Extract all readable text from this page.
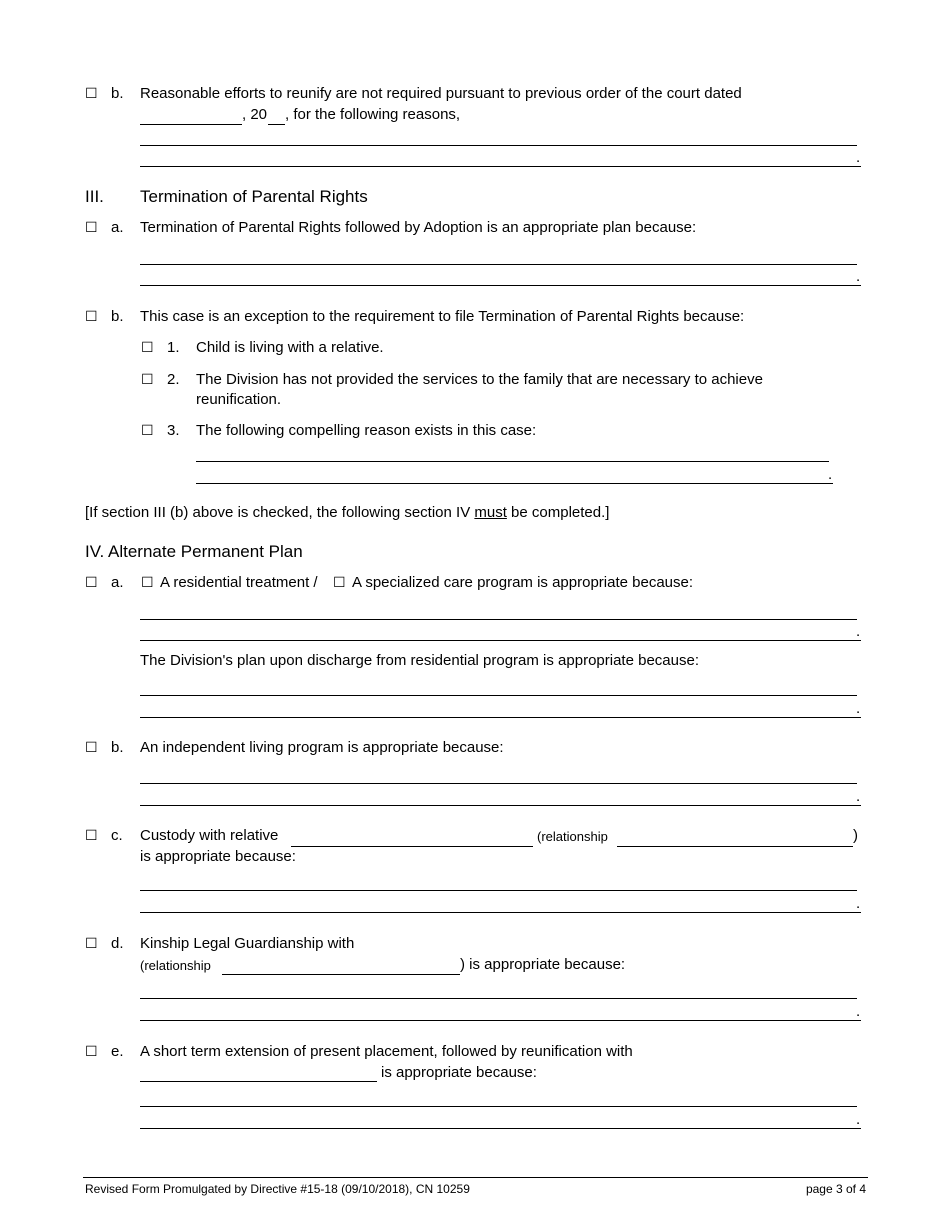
☐ b. Reasonable efforts to reunify are not required pursuant to previous order of the court dated
, 20 , for the following reasons,
.
III. Termination of Parental Rights
☐ a. Termination of Parental Rights followed by Adoption is an appropriate plan because:
.
☐ b. This case is an exception to the requirement to file Termination of Parental Rights because:
☐ 1. Child is living with a relative.
☐ 2. The Division has not provided the services to the family that are necessary to achieve
reunification.
☐ 3. The following compelling reason exists in this case:
.
[If section III (b) above is checked, the following section IV must be completed.]
IV. Alternate Permanent Plan
☐ a. ☐ A residential treatment / ☐ A specialized care program is appropriate because:
.
The Division's plan upon discharge from residential program is appropriate because:
.
☐ b. An independent living program is appropriate because:
.
☐ c. Custody with relative	(relationship	)
is appropriate because:
.
☐ d. Kinship Legal Guardianship with
(relationship	) is appropriate because:
.
☐ e. A short term extension of present placement, followed by reunification with
is appropriate because:
.
Revised Form Promulgated by Directive #15-18 (09/10/2018), CN 10259	page 3 of 4
